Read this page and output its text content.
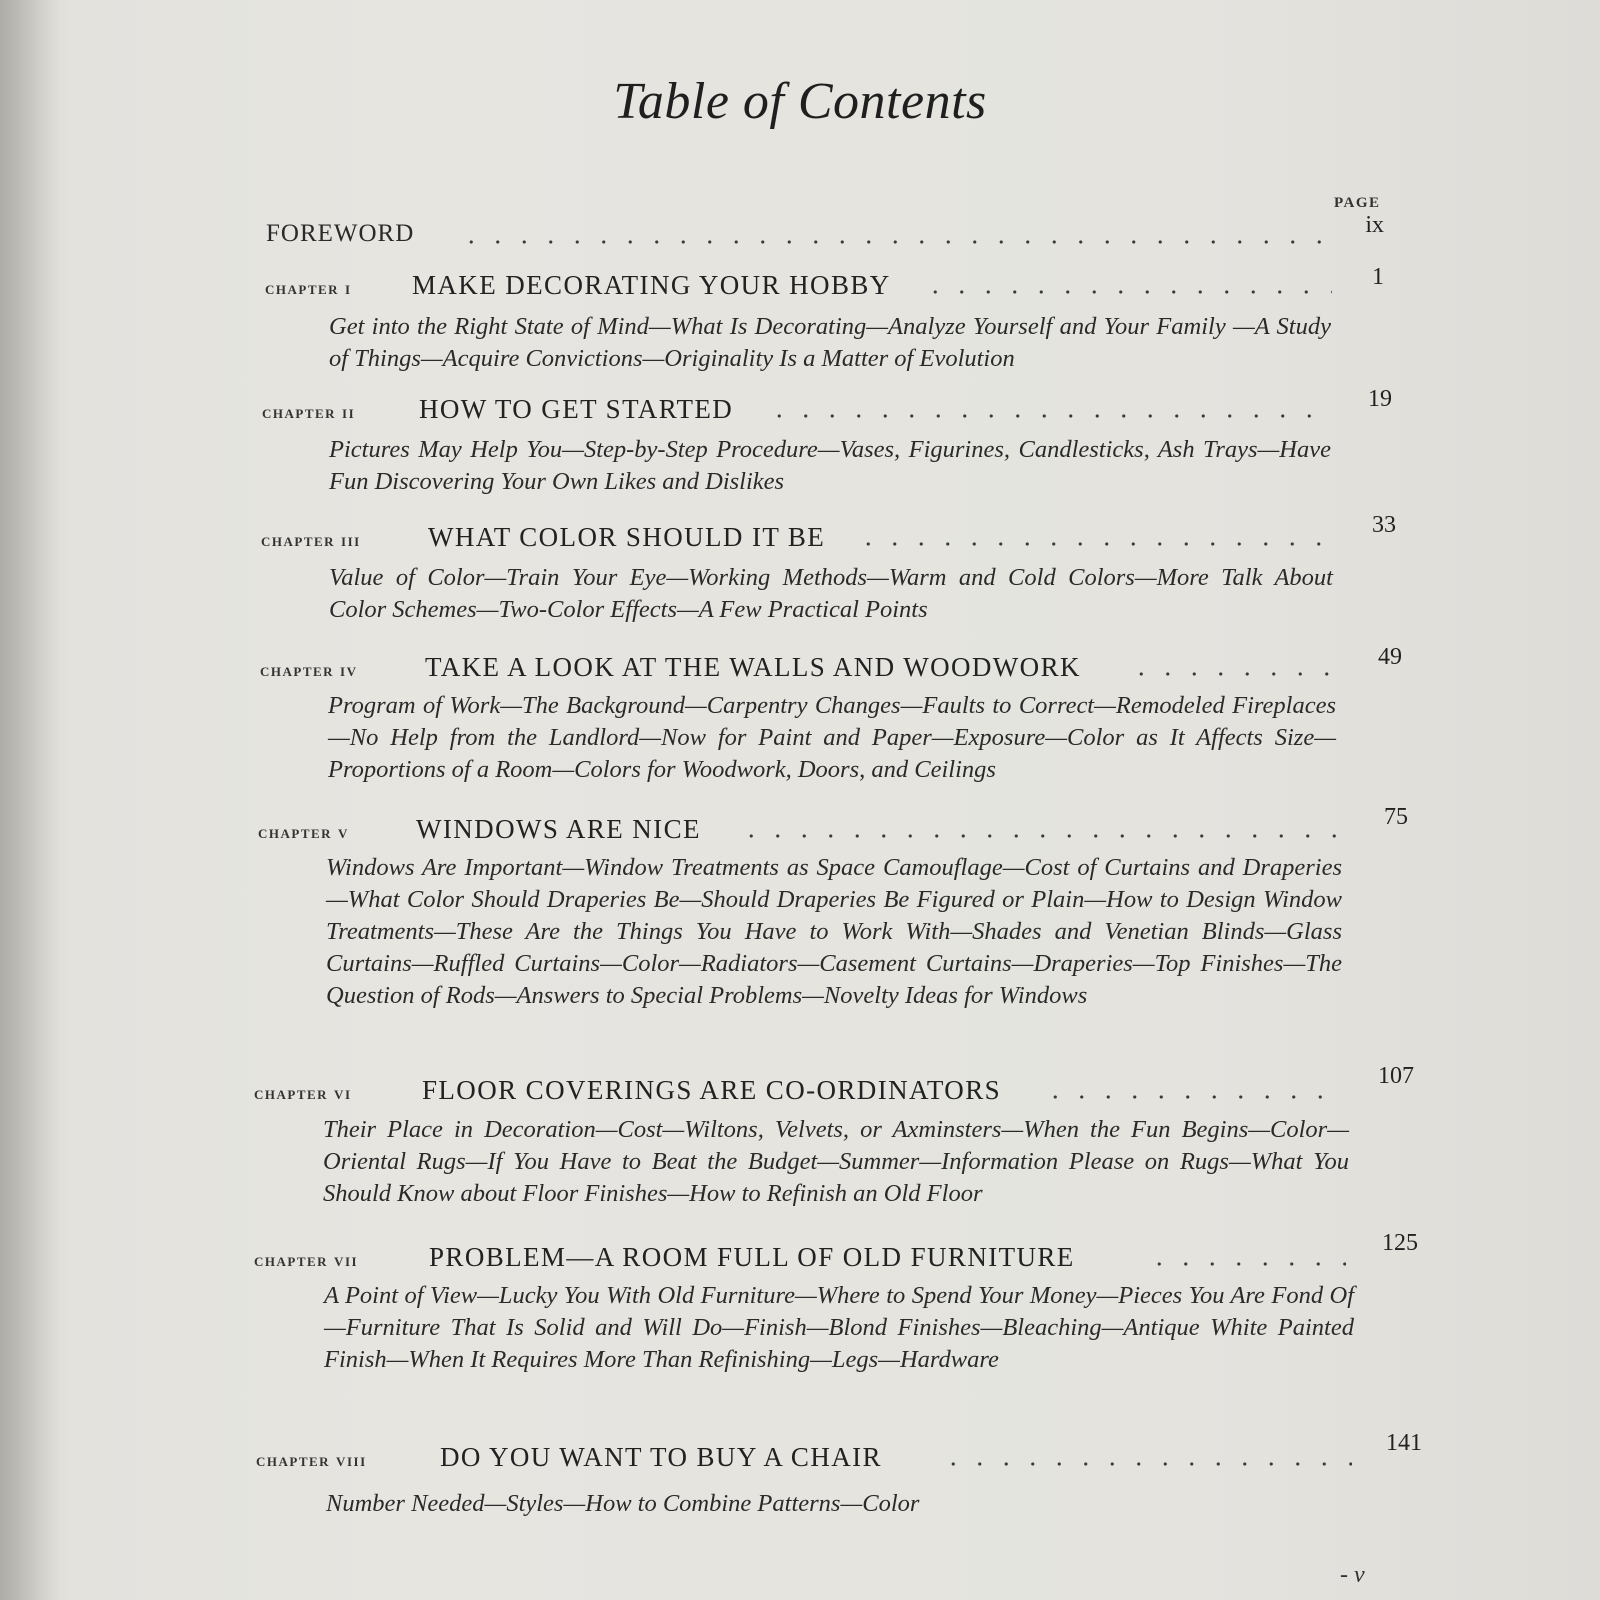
Table of Contents
PAGE
FOREWORD	ix
chapter i MAKE DECORATING YOUR HOBBY	1
Get into the Right State of Mind—What Is Decorating—Analyze Yourself and Your Family —A Study of Things—Acquire Convictions—Originality Is a Matter of Evolution
chapter ii HOW TO GET STARTED	19
Pictures May Help You—Step-by-Step Procedure—Vases, Figurines, Candlesticks, Ash Trays—Have Fun Discovering Your Own Likes and Dislikes
chapter iii WHAT COLOR SHOULD IT BE	33
Value of Color—Train Your Eye—Working Methods—Warm and Cold Colors—More Talk About Color Schemes—Two-Color Effects—A Few Practical Points
chapter iv TAKE A LOOK AT THE WALLS AND WOODWORK	49
Program of Work—The Background—Carpentry Changes—Faults to Correct—Remodeled Fireplaces—No Help from the Landlord—Now for Paint and Paper—Exposure—Color as It Affects Size—Proportions of a Room—Colors for Woodwork, Doors, and Ceilings
chapter v WINDOWS ARE NICE	75
Windows Are Important—Window Treatments as Space Camouflage—Cost of Curtains and Draperies—What Color Should Draperies Be—Should Draperies Be Figured or Plain—How to Design Window Treatments—These Are the Things You Have to Work With—Shades and Venetian Blinds—Glass Curtains—Ruffled Curtains—Color—Radiators—Casement Curtains—Draperies—Top Finishes—The Question of Rods—Answers to Special Problems—Novelty Ideas for Windows
chapter vi	FLOOR COVERINGS ARE CO-ORDINATORS	107
Their Place in Decoration—Cost—Wiltons, Velvets, or Axminsters—When the Fun Begins—Color—Oriental Rugs—If You Have to Beat the Budget—Summer—Information Please on Rugs—What You Should Know about Floor Finishes—How to Refinish an Old Floor
chapter vii	PROBLEM—A ROOM FULL OF OLD FURNITURE	125
A Point of View—Lucky You With Old Furniture—Where to Spend Your Money—Pieces You Are Fond Of—Furniture That Is Solid and Will Do—Finish—Blond Finishes—Bleaching—Antique White Painted Finish—When It Requires More Than Refinishing—Legs—Hardware
chapter viii	DO YOU WANT TO BUY A CHAIR	141
Number Needed—Styles—How to Combine Patterns—Color
- v
